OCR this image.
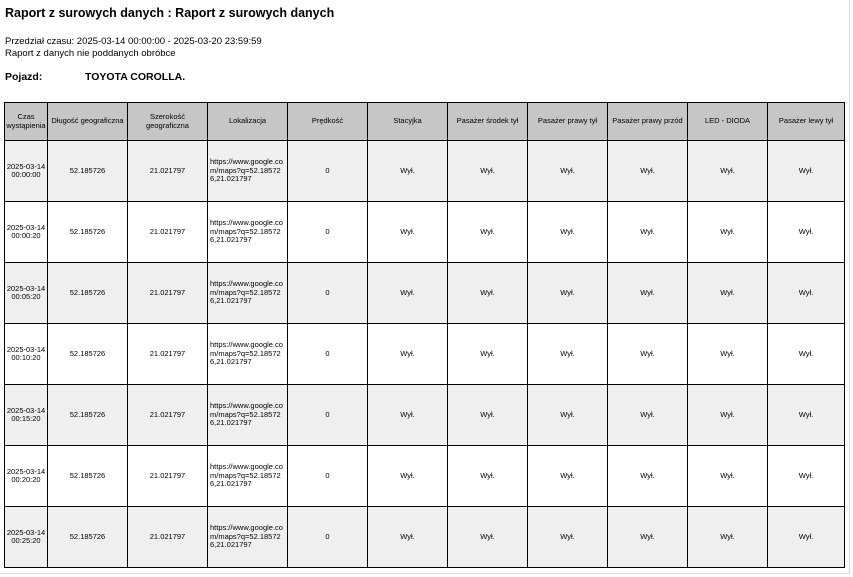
Raport z surowych danych : Raport z surowych danych
Przedział czasu: 2025-03-14 00:00:00 - 2025-03-20 23:59:59
Raport z danych nie poddanych obróbce
Pojazd:	TOYOTA COROLLA.
Czas wystąpienia	Długość geograficzna	Szerokość geograficzna	Lokalizacja	Prędkość	Stacyjka	Pasażer środek tył	Pasażer prawy tył	Pasażer prawy przód	LED - DIODA	Pasażer lewy tył
2025-03-14 00:00:00	52.185726	21.021797	https://www.google.com/maps?q=52.185726,21.021797	0	Wył.	Wył.	Wył.	Wył.	Wył.	Wył.
2025-03-14 00:00:20	52.185726	21.021797	https://www.google.com/maps?q=52.185726,21.021797	0	Wył.	Wył.	Wył.	Wył.	Wył.	Wył.
2025-03-14 00:05:20	52.185726	21.021797	https://www.google.com/maps?q=52.185726,21.021797	0	Wył.	Wył.	Wył.	Wył.	Wył.	Wył.
2025-03-14 00:10:20	52.185726	21.021797	https://www.google.com/maps?q=52.185726,21.021797	0	Wył.	Wył.	Wył.	Wył.	Wył.	Wył.
2025-03-14 00:15:20	52.185726	21.021797	https://www.google.com/maps?q=52.185726,21.021797	0	Wył.	Wył.	Wył.	Wył.	Wył.	Wył.
2025-03-14 00:20:20	52.185726	21.021797	https://www.google.com/maps?q=52.185726,21.021797	0	Wył.	Wył.	Wył.	Wył.	Wył.	Wył.
2025-03-14 00:25:20	52.185726	21.021797	https://www.google.com/maps?q=52.185726,21.021797	0	Wył.	Wył.	Wył.	Wył.	Wył.	Wył.
